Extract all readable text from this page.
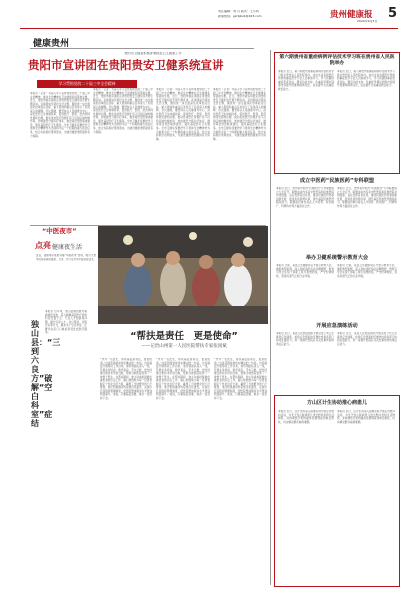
责任编辑：刘 可 版式：王小利
新闻热线：gzrbjkzk@163.com	贵州健康报 5
2024年9月5日
健康贵州
贵阳市卫健委积极部署推进卫生健康工作
贵阳市宣讲团在贵阳贵安卫健系统宣讲
学习贯彻党的二十届三中全会精神
本报讯（记者）为深入学习宣传贯彻党的二十届三中全会精神，推动全会精神在卫生健康系统落地生根，近日，贵阳市委宣讲团走进贵阳贵安卫健系统开展专题宣讲。宣讲团成员紧扣全会主题，围绕进一步全面深化改革的总目标、重大原则和重点任务进行了系统深入的阐释。会议强调，要坚持以人民健康为中心，深化医药卫生体制改革，促进医疗、医保、医药协同发展和治理，推动优质医疗资源扩容下沉和区域均衡布局，加快建设分级诊疗体系，推进紧密型医联体建设，强化基层医疗卫生服务。全市卫健系统要把学习贯彻全会精神作为当前和今后一个时期的重大政治任务，结合实际抓好贯彻落实，为建设健康贵阳提供有力保障。
本报讯（记者）为深入学习宣传贯彻党的二十届三中全会精神，推动全会精神在卫生健康系统落地生根，近日，贵阳市委宣讲团走进贵阳贵安卫健系统开展专题宣讲。宣讲团成员紧扣全会主题，围绕进一步全面深化改革的总目标、重大原则和重点任务进行了系统深入的阐释。会议强调，要坚持以人民健康为中心，深化医药卫生体制改革，促进医疗、医保、医药协同发展和治理，推动优质医疗资源扩容下沉和区域均衡布局，加快建设分级诊疗体系，推进紧密型医联体建设，强化基层医疗卫生服务。全市卫健系统要把学习贯彻全会精神作为当前和今后一个时期的重大政治任务，结合实际抓好贯彻落实，为建设健康贵阳提供有力保障。
本报讯（记者）为深入学习宣传贯彻党的二十届三中全会精神，推动全会精神在卫生健康系统落地生根，近日，贵阳市委宣讲团走进贵阳贵安卫健系统开展专题宣讲。宣讲团成员紧扣全会主题，围绕进一步全面深化改革的总目标、重大原则和重点任务进行了系统深入的阐释。会议强调，要坚持以人民健康为中心，深化医药卫生体制改革，促进医疗、医保、医药协同发展和治理，推动优质医疗资源扩容下沉和区域均衡布局，加快建设分级诊疗体系，推进紧密型医联体建设，强化基层医疗卫生服务。全市卫健系统要把学习贯彻全会精神作为当前和今后一个时期的重大政治任务，结合实际抓好贯彻落实，为建设健康贵阳提供有力保障。
本报讯（记者）为深入学习宣传贯彻党的二十届三中全会精神，推动全会精神在卫生健康系统落地生根，近日，贵阳市委宣讲团走进贵阳贵安卫健系统开展专题宣讲。宣讲团成员紧扣全会主题，围绕进一步全面深化改革的总目标、重大原则和重点任务进行了系统深入的阐释。会议强调，要坚持以人民健康为中心，深化医药卫生体制改革，促进医疗、医保、医药协同发展和治理，推动优质医疗资源扩容下沉和区域均衡布局，加快建设分级诊疗体系，推进紧密型医联体建设，强化基层医疗卫生服务。全市卫健系统要把学习贯彻全会精神作为当前和今后一个时期的重大政治任务，结合实际抓好贯彻落实，为建设健康贵阳提供有力保障。
第六期贵州省重症病例评估技术学习班在贵州省人民医院举办
本报讯 近日，第六期贵州省重症病例评估技术学习班在贵州省人民医院举办。来自全省各级医疗机构的重症医学专业人员参加学习。学习班围绕重症患者评估、器官功能支持、危重症早期识别等内容展开授课和病例讨论，旨在提升全省重症救治能力。
本报讯 近日，第六期贵州省重症病例评估技术学习班在贵州省人民医院举办。来自全省各级医疗机构的重症医学专业人员参加学习。学习班围绕重症患者评估、器官功能支持、危重症早期识别等内容展开授课和病例讨论，旨在提升全省重症救治能力。
成立中医药“民族医药”专科联盟
本报讯 近日，贵州省中医药“民族医药”专科联盟成立大会召开。联盟由省内多家中医医院和民族医院共同组建，旨在发挥各自优势，推动民族医药传承创新发展，促进优质资源共享，提升基层民族医药服务能力。联盟成员单位将在人才培养、技术推广、科研协作等方面深化合作。
本报讯 近日，贵州省中医药“民族医药”专科联盟成立大会召开。联盟由省内多家中医医院和民族医院共同组建，旨在发挥各自优势，推动民族医药传承创新发展，促进优质资源共享，提升基层民族医药服务能力。联盟成员单位将在人才培养、技术推广、科研协作等方面深化合作。
举办卫健系统警示教育大会
本报讯 日前，某县卫生健康局召开警示教育大会，通报典型案例，深入剖析违纪违法问题根源，教育引导全系统干部职工筑牢思想防线，严守纪律规矩，营造风清气正的行业环境。
本报讯 日前，某县卫生健康局召开警示教育大会，通报典型案例，深入剖析违纪违法问题根源，教育引导全系统干部职工筑牢思想防线，严守纪律规矩，营造风清气正的行业环境。
开展应急演练活动
本报讯 近日，某县人民医院组织开展突发公共卫生事件应急演练，检验应急预案的可操作性和各部门协同处置能力，进一步提升医院应对突发事件的快速反应能力。
本报讯 近日，某县人民医院组织开展突发公共卫生事件应急演练，检验应急预案的可操作性和各部门协同处置能力，进一步提升医院应对突发事件的快速反应能力。
方山区计生协助推心病患儿
本报讯 近日，区计生协深入困难家庭开展走访慰问活动，为先天性心脏病患儿送去慰问金和生活物资，并协调医疗机构提供免费筛查和救治帮扶，切实解决群众看病难题。
本报讯 近日，区计生协深入困难家庭开展走访慰问活动，为先天性心脏病患儿送去慰问金和生活物资，并协调医疗机构提供免费筛查和救治帮扶，切实解决群众看病难题。
“中医夜市”
点亮 健康夜生活
近日，贵阳某中医院开展“中医夜市”活动，吸引大量市民前来体验推拿、艾灸、耳穴压豆等中医适宜技术。
独山县：“三到六良方”破解“空白科室”症结
本报讯 近年来，独山县围绕群众看病就医需求，着力破解基层医疗机构科室设置不全、专业人才短缺等问题，通过引进人才、对口帮扶、远程会诊等方式，填补多个空白科室，让群众在家门口就能享受优质医疗服务。	“帮扶是责任　更是使命”
——记贵山州第一人民医院帮扶专家张国斌
“作为一名医生，帮扶基层是责任，更是使命。”这是张国斌常挂在嘴边的一句话。自到基层开展帮扶工作以来，他带领团队深入一线，开展业务培训、教学查房、手术示教，把先进理念和技术带到当地，帮助当地医院培养了一批骨干医生。在帮扶期间，他主动承担疑难危重患者的诊治工作，耐心细致地为每一位患者制定个性化治疗方案，赢得了当地群众的广泛赞誉。他还积极推动科室规范化建设，完善诊疗流程和管理制度，使医院整体服务水平得到明显提升。他说，只要基层需要，就会一直坚持下去。
“作为一名医生，帮扶基层是责任，更是使命。”这是张国斌常挂在嘴边的一句话。自到基层开展帮扶工作以来，他带领团队深入一线，开展业务培训、教学查房、手术示教，把先进理念和技术带到当地，帮助当地医院培养了一批骨干医生。在帮扶期间，他主动承担疑难危重患者的诊治工作，耐心细致地为每一位患者制定个性化治疗方案，赢得了当地群众的广泛赞誉。他还积极推动科室规范化建设，完善诊疗流程和管理制度，使医院整体服务水平得到明显提升。他说，只要基层需要，就会一直坚持下去。
“作为一名医生，帮扶基层是责任，更是使命。”这是张国斌常挂在嘴边的一句话。自到基层开展帮扶工作以来，他带领团队深入一线，开展业务培训、教学查房、手术示教，把先进理念和技术带到当地，帮助当地医院培养了一批骨干医生。在帮扶期间，他主动承担疑难危重患者的诊治工作，耐心细致地为每一位患者制定个性化治疗方案，赢得了当地群众的广泛赞誉。他还积极推动科室规范化建设，完善诊疗流程和管理制度，使医院整体服务水平得到明显提升。他说，只要基层需要，就会一直坚持下去。
